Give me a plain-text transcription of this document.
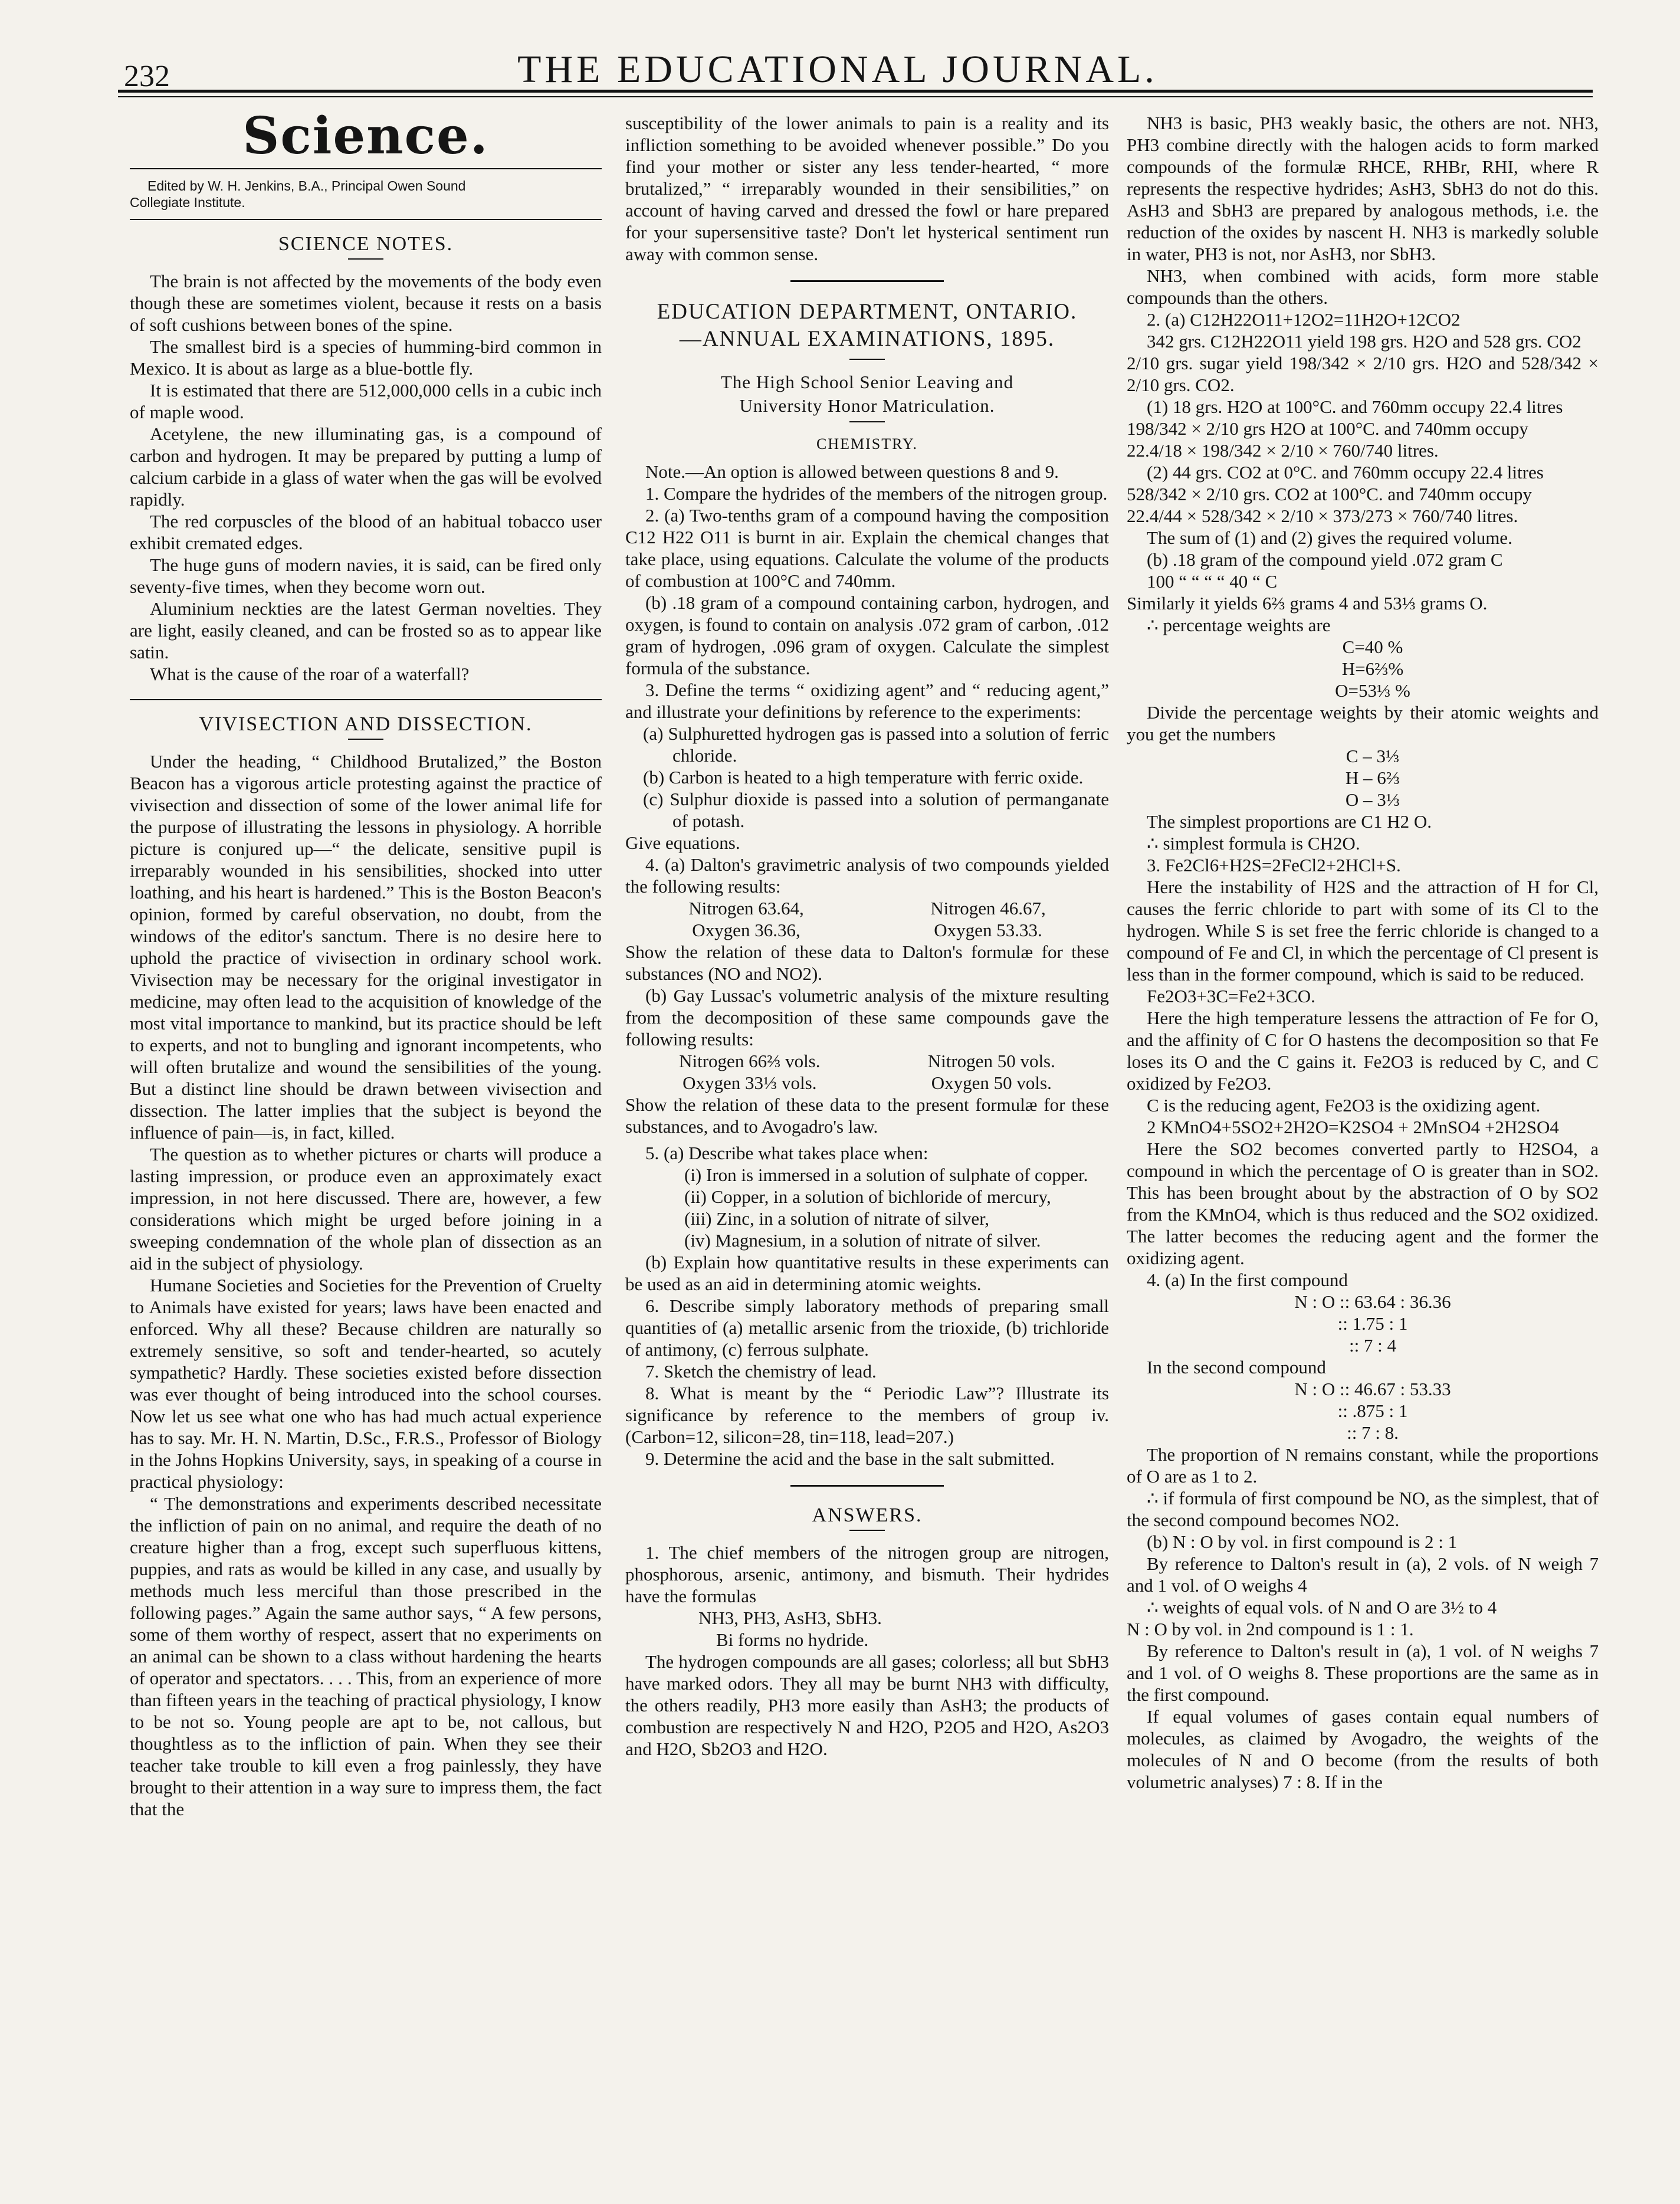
232	THE EDUCATIONAL JOURNAL.
Science.
Edited by W. H. Jenkins, B.A., Principal Owen Sound
Collegiate Institute.
SCIENCE NOTES.

The brain is not affected by the movements of the body even though these are sometimes violent, because it rests on a basis of soft cushions between bones of the spine.

The smallest bird is a species of humming-bird common in Mexico. It is about as large as a blue-bottle fly.

It is estimated that there are 512,000,000 cells in a cubic inch of maple wood.

Acetylene, the new illuminating gas, is a compound of carbon and hydrogen. It may be prepared by putting a lump of calcium carbide in a glass of water when the gas will be evolved rapidly.

The red corpuscles of the blood of an habitual tobacco user exhibit cremated edges.

The huge guns of modern navies, it is said, can be fired only seventy-five times, when they become worn out.

Aluminium neckties are the latest German novelties. They are light, easily cleaned, and can be frosted so as to appear like satin.

What is the cause of the roar of a waterfall?

VIVISECTION AND DISSECTION.

Under the heading, “ Childhood Brutalized,” the Boston Beacon has a vigorous article protesting against the practice of vivisection and dissection of some of the lower animal life for the purpose of illustrating the lessons in physiology. A horrible picture is conjured up—“ the delicate, sensitive pupil is irreparably wounded in his sensibilities, shocked into utter loathing, and his heart is hardened.” This is the Boston Beacon's opinion, formed by careful observation, no doubt, from the windows of the editor's sanctum. There is no desire here to uphold the practice of vivisection in ordinary school work. Vivisection may be necessary for the original investigator in medicine, may often lead to the acquisition of knowledge of the most vital importance to mankind, but its practice should be left to experts, and not to bungling and ignorant incompetents, who will often brutalize and wound the sensibilities of the young. But a distinct line should be drawn between vivisection and dissection. The latter implies that the subject is beyond the influence of pain—is, in fact, killed.

The question as to whether pictures or charts will produce a lasting impression, or produce even an approximately exact impression, in not here discussed. There are, however, a few considerations which might be urged before joining in a sweeping condemnation of the whole plan of dissection as an aid in the subject of physiology.

Humane Societies and Societies for the Prevention of Cruelty to Animals have existed for years; laws have been enacted and enforced. Why all these? Because children are naturally so extremely sensitive, so soft and tender-hearted, so acutely sympathetic? Hardly. These societies existed before dissection was ever thought of being introduced into the school courses. Now let us see what one who has had much actual experience has to say. Mr. H. N. Martin, D.Sc., F.R.S., Professor of Biology in the Johns Hopkins University, says, in speaking of a course in practical physiology:

“ The demonstrations and experiments described necessitate the infliction of pain on no animal, and require the death of no creature higher than a frog, except such superfluous kittens, puppies, and rats as would be killed in any case, and usually by methods much less merciful than those prescribed in the following pages.” Again the same author says, “ A few persons, some of them worthy of respect, assert that no experiments on an animal can be shown to a class without hardening the hearts of operator and spectators. . . . This, from an experience of more than fifteen years in the teaching of practical physiology, I know to be not so. Young people are apt to be, not callous, but thoughtless as to the infliction of pain. When they see their teacher take trouble to kill even a frog painlessly, they have brought to their attention in a way sure to impress them, the fact that the

susceptibility of the lower animals to pain is a reality and its infliction something to be avoided whenever possible.” Do you find your mother or sister any less tender-hearted, “ more brutalized,” “ irreparably wounded in their sensibilities,” on account of having carved and dressed the fowl or hare prepared for your supersensitive taste? Don't let hysterical sentiment run away with common sense.

EDUCATION DEPARTMENT, ONTARIO.
—ANNUAL EXAMINATIONS, 1895.
The High School Senior Leaving and
University Honor Matriculation.
CHEMISTRY.

Note.—An option is allowed between questions 8 and 9.

1. Compare the hydrides of the members of the nitrogen group.

2. (a) Two-tenths gram of a compound having the composition C12 H22 O11 is burnt in air. Explain the chemical changes that take place, using equations. Calculate the volume of the products of combustion at 100°C and 740mm.

(b) .18 gram of a compound containing carbon, hydrogen, and oxygen, is found to contain on analysis .072 gram of carbon, .012 gram of hydrogen, .096 gram of oxygen. Calculate the simplest formula of the substance.

3. Define the terms “ oxidizing agent” and “ reducing agent,” and illustrate your definitions by reference to the experiments:

(a) Sulphuretted hydrogen gas is passed into a solution of ferric chloride.

(b) Carbon is heated to a high temperature with ferric oxide.

(c) Sulphur dioxide is passed into a solution of permanganate of potash.

Give equations.

4. (a) Dalton's gravimetric analysis of two compounds yielded the following results:

Nitrogen 63.64,	Nitrogen 46.67,
Oxygen 36.36,	Oxygen 53.33.

Show the relation of these data to Dalton's formulæ for these substances (NO and NO2).

(b) Gay Lussac's volumetric analysis of the mixture resulting from the decomposition of these same compounds gave the following results:

Nitrogen 66⅔ vols.	Nitrogen 50 vols.
Oxygen 33⅓ vols.	Oxygen 50 vols.

Show the relation of these data to the present formulæ for these substances, and to Avogadro's law.

5. (a) Describe what takes place when:

(i) Iron is immersed in a solution of sulphate of copper.

(ii) Copper, in a solution of bichloride of mercury,

(iii) Zinc, in a solution of nitrate of silver,

(iv) Magnesium, in a solution of nitrate of silver.

(b) Explain how quantitative results in these experiments can be used as an aid in determining atomic weights.

6. Describe simply laboratory methods of preparing small quantities of (a) metallic arsenic from the trioxide, (b) trichloride of antimony, (c) ferrous sulphate.

7. Sketch the chemistry of lead.

8. What is meant by the “ Periodic Law”? Illustrate its significance by reference to the members of group iv. (Carbon=12, silicon=28, tin=118, lead=207.)

9. Determine the acid and the base in the salt submitted.

ANSWERS.

1. The chief members of the nitrogen group are nitrogen, phosphorous, arsenic, antimony, and bismuth. Their hydrides have the formulas

NH3, PH3, AsH3, SbH3.

Bi forms no hydride.

The hydrogen compounds are all gases; colorless; all but SbH3 have marked odors. They all may be burnt NH3 with difficulty, the others readily, PH3 more easily than AsH3; the products of combustion are respectively N and H2O, P2O5 and H2O, As2O3 and H2O, Sb2O3 and H2O.

NH3 is basic, PH3 weakly basic, the others are not. NH3, PH3 combine directly with the halogen acids to form marked compounds of the formulæ RHCE, RHBr, RHI, where R represents the respective hydrides; AsH3, SbH3 do not do this. AsH3 and SbH3 are prepared by analogous methods, i.e. the reduction of the oxides by nascent H. NH3 is markedly soluble in water, PH3 is not, nor AsH3, nor SbH3.

NH3, when combined with acids, form more stable compounds than the others.

2. (a) C12H22O11+12O2=11H2O+12CO2

342 grs. C12H22O11 yield 198 grs. H2O and 528 grs. CO2

2/10 grs. sugar yield 198/342 × 2/10 grs. H2O and 528/342 × 2/10 grs. CO2.

(1) 18 grs. H2O at 100°C. and 760mm occupy 22.4 litres

198/342 × 2/10 grs H2O at 100°C. and 740mm occupy

22.4/18 × 198/342 × 2/10 × 760/740 litres.

(2) 44 grs. CO2 at 0°C. and 760mm occupy 22.4 litres

528/342 × 2/10 grs. CO2 at 100°C. and 740mm occupy

22.4/44 × 528/342 × 2/10 × 373/273 × 760/740 litres.

The sum of (1) and (2) gives the required volume.

(b) .18 gram of the compound yield .072 gram C

100 “ “ “ “ 40 “ C

Similarly it yields 6⅔ grams 4 and 53⅓ grams O.

∴ percentage weights are

C=40 %

H=6⅔%

O=53⅓ %

Divide the percentage weights by their atomic weights and you get the numbers

C – 3⅓

H – 6⅔

O – 3⅓

The simplest proportions are C1 H2 O.

∴ simplest formula is CH2O.

3. Fe2Cl6+H2S=2FeCl2+2HCl+S.

Here the instability of H2S and the attraction of H for Cl, causes the ferric chloride to part with some of its Cl to the hydrogen. While S is set free the ferric chloride is changed to a compound of Fe and Cl, in which the percentage of Cl present is less than in the former compound, which is said to be reduced.

Fe2O3+3C=Fe2+3CO.

Here the high temperature lessens the attraction of Fe for O, and the affinity of C for O hastens the decomposition so that Fe loses its O and the C gains it. Fe2O3 is reduced by C, and C oxidized by Fe2O3.

C is the reducing agent, Fe2O3 is the oxidizing agent.

2 KMnO4+5SO2+2H2O=K2SO4 + 2MnSO4 +2H2SO4

Here the SO2 becomes converted partly to H2SO4, a compound in which the percentage of O is greater than in SO2. This has been brought about by the abstraction of O by SO2 from the KMnO4, which is thus reduced and the SO2 oxidized. The latter becomes the reducing agent and the former the oxidizing agent.

4. (a) In the first compound

N : O :: 63.64 : 36.36

:: 1.75 : 1

:: 7 : 4

In the second compound

N : O :: 46.67 : 53.33

:: .875 : 1

:: 7 : 8.

The proportion of N remains constant, while the proportions of O are as 1 to 2.

∴ if formula of first compound be NO, as the simplest, that of the second compound becomes NO2.

(b) N : O by vol. in first compound is 2 : 1

By reference to Dalton's result in (a), 2 vols. of N weigh 7 and 1 vol. of O weighs 4

∴ weights of equal vols. of N and O are 3½ to 4

N : O by vol. in 2nd compound is 1 : 1.

By reference to Dalton's result in (a), 1 vol. of N weighs 7 and 1 vol. of O weighs 8. These proportions are the same as in the first compound.

If equal volumes of gases contain equal numbers of molecules, as claimed by Avogadro, the weights of the molecules of N and O become (from the results of both volumetric analyses) 7 : 8. If in the
